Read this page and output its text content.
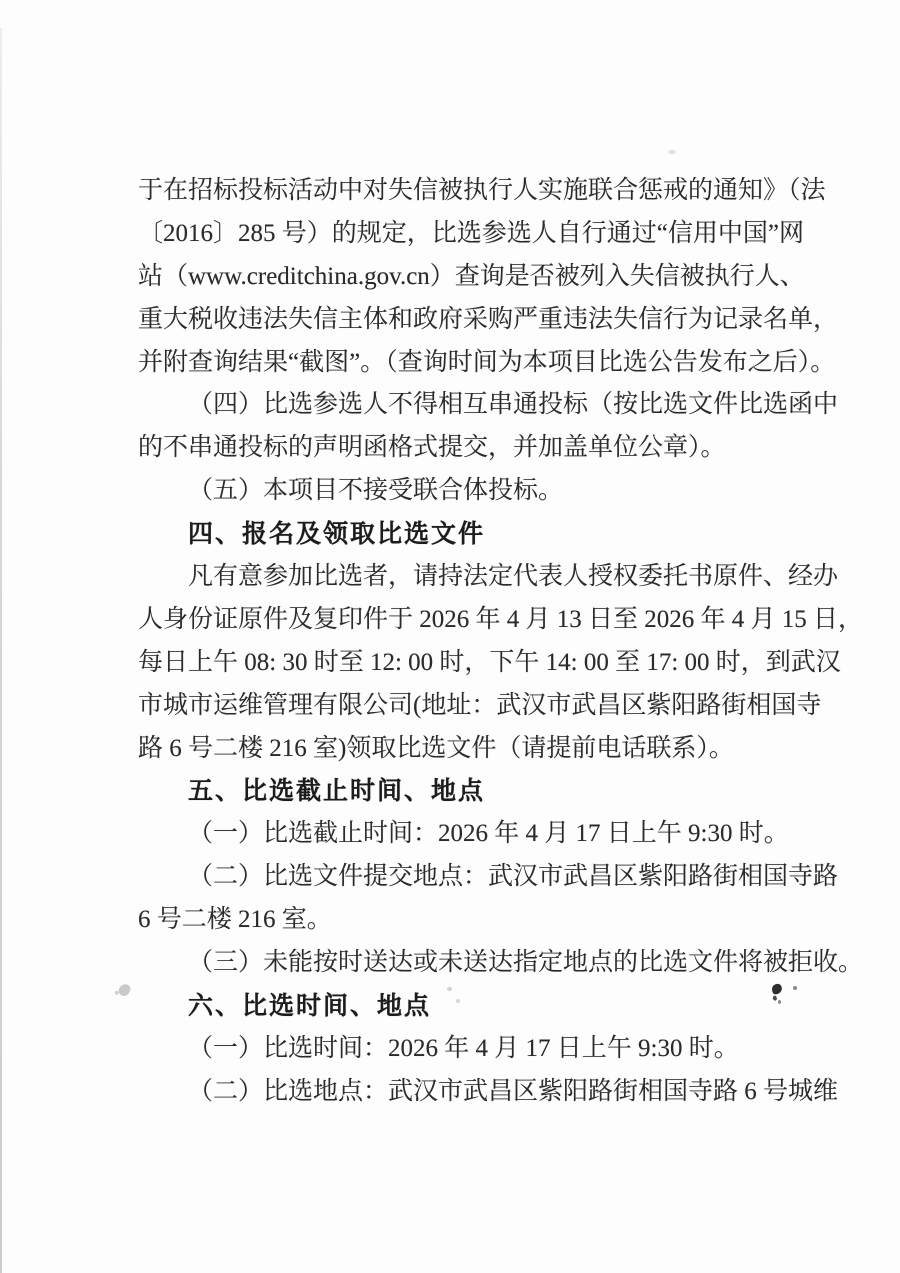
于在招标投标活动中对失信被执行人实施联合惩戒的通知》（法
〔2016〕285 号）的规定，比选参选人自行通过“信用中国”网
站（www.creditchina.gov.cn）查询是否被列入失信被执行人、
重大税收违法失信主体和政府采购严重违法失信行为记录名单，
并附查询结果“截图”。（查询时间为本项目比选公告发布之后）。
（四）比选参选人不得相互串通投标（按比选文件比选函中
的不串通投标的声明函格式提交，并加盖单位公章）。
（五）本项目不接受联合体投标。
四、报名及领取比选文件
凡有意参加比选者，请持法定代表人授权委托书原件、经办
人身份证原件及复印件于 2026 年 4 月 13 日至 2026 年 4 月 15 日，
每日上午 08: 30 时至 12: 00 时，下午 14: 00 至 17: 00 时，到武汉
市城市运维管理有限公司(地址：武汉市武昌区紫阳路街相国寺
路 6 号二楼 216 室)领取比选文件（请提前电话联系）。
五、比选截止时间、地点
（一）比选截止时间：2026 年 4 月 17 日上午 9:30 时。
（二）比选文件提交地点：武汉市武昌区紫阳路街相国寺路
6 号二楼 216 室。
（三）未能按时送达或未送达指定地点的比选文件将被拒收。
六、比选时间、地点
（一）比选时间：2026 年 4 月 17 日上午 9:30 时。
（二）比选地点：武汉市武昌区紫阳路街相国寺路 6 号城维
